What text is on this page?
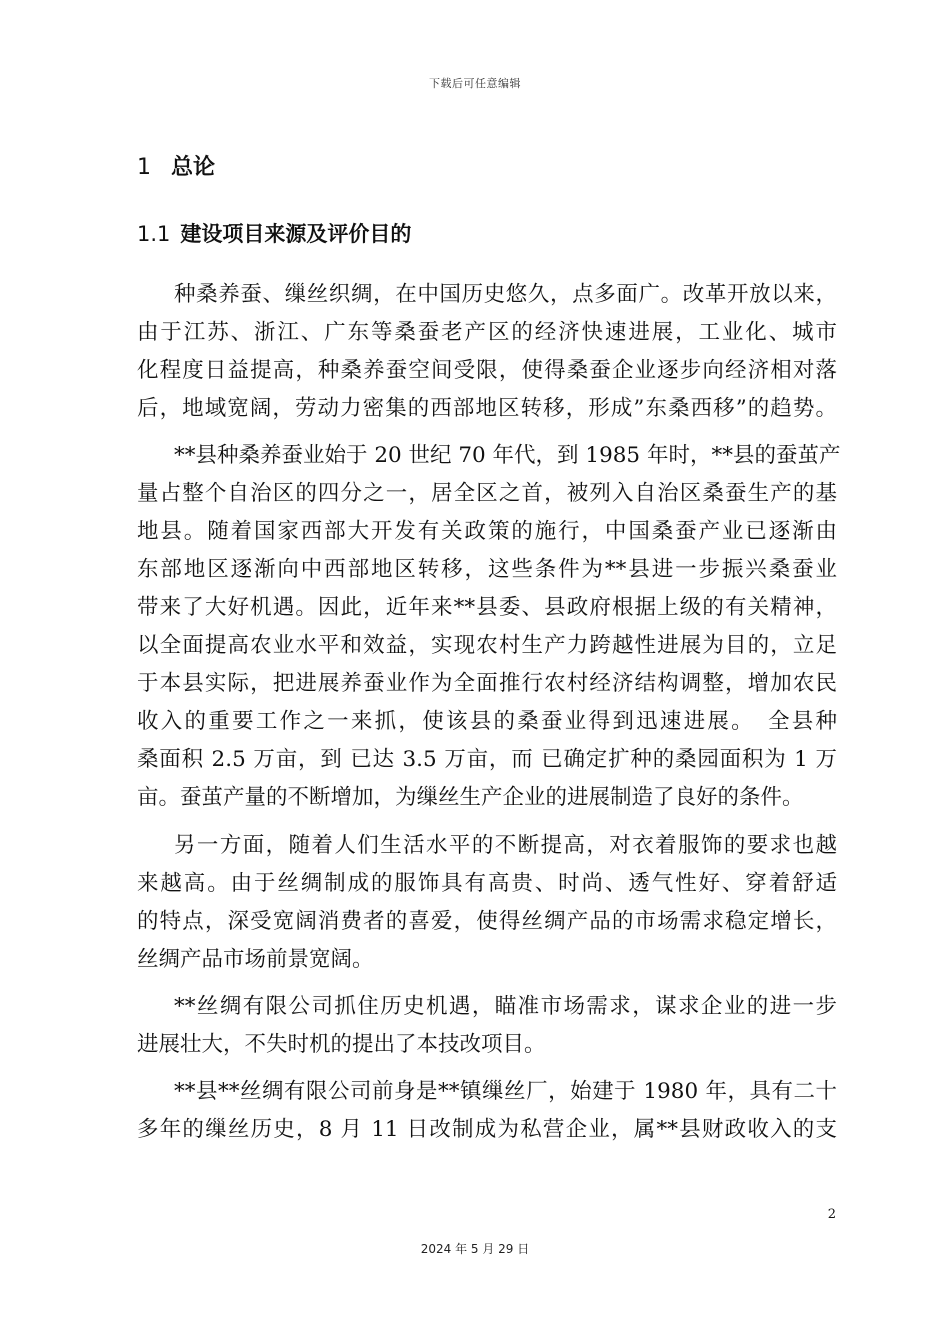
下载后可任意编辑
1 总论
1.1 建设项目来源及评价目的
种桑养蚕、缫丝织绸，在中国历史悠久，点多面广。改革开放以来，
由于江苏、浙江、广东等桑蚕老产区的经济快速进展，工业化、城市
化程度日益提高，种桑养蚕空间受限，使得桑蚕企业逐步向经济相对落
后，地域宽阔，劳动力密集的西部地区转移，形成”东桑西移”的趋势。
**县种桑养蚕业始于 20 世纪 70 年代，到 1985 年时，**县的蚕茧产
量占整个自治区的四分之一，居全区之首，被列入自治区桑蚕生产的基
地县。随着国家西部大开发有关政策的施行，中国桑蚕产业已逐渐由
东部地区逐渐向中西部地区转移，这些条件为**县进一步振兴桑蚕业
带来了大好机遇。因此，近年来**县委、县政府根据上级的有关精神，
以全面提高农业水平和效益，实现农村生产力跨越性进展为目的，立足
于本县实际，把进展养蚕业作为全面推行农村经济结构调整，增加农民
收入的重要工作之一来抓，使该县的桑蚕业得到迅速进展。　全县种
桑面积 2.5 万亩，到 已达 3.5 万亩，而 已确定扩种的桑园面积为 1 万
亩。蚕茧产量的不断增加，为缫丝生产企业的进展制造了良好的条件。
另一方面，随着人们生活水平的不断提高，对衣着服饰的要求也越
来越高。由于丝绸制成的服饰具有高贵、时尚、透气性好、穿着舒适
的特点，深受宽阔消费者的喜爱，使得丝绸产品的市场需求稳定增长，
丝绸产品市场前景宽阔。
**丝绸有限公司抓住历史机遇，瞄准市场需求，谋求企业的进一步
进展壮大，不失时机的提出了本技改项目。
**县**丝绸有限公司前身是**镇缫丝厂，始建于 1980 年，具有二十
多年的缫丝历史，8 月 11 日改制成为私营企业，属**县财政收入的支
2
2024 年 5 月 29 日
